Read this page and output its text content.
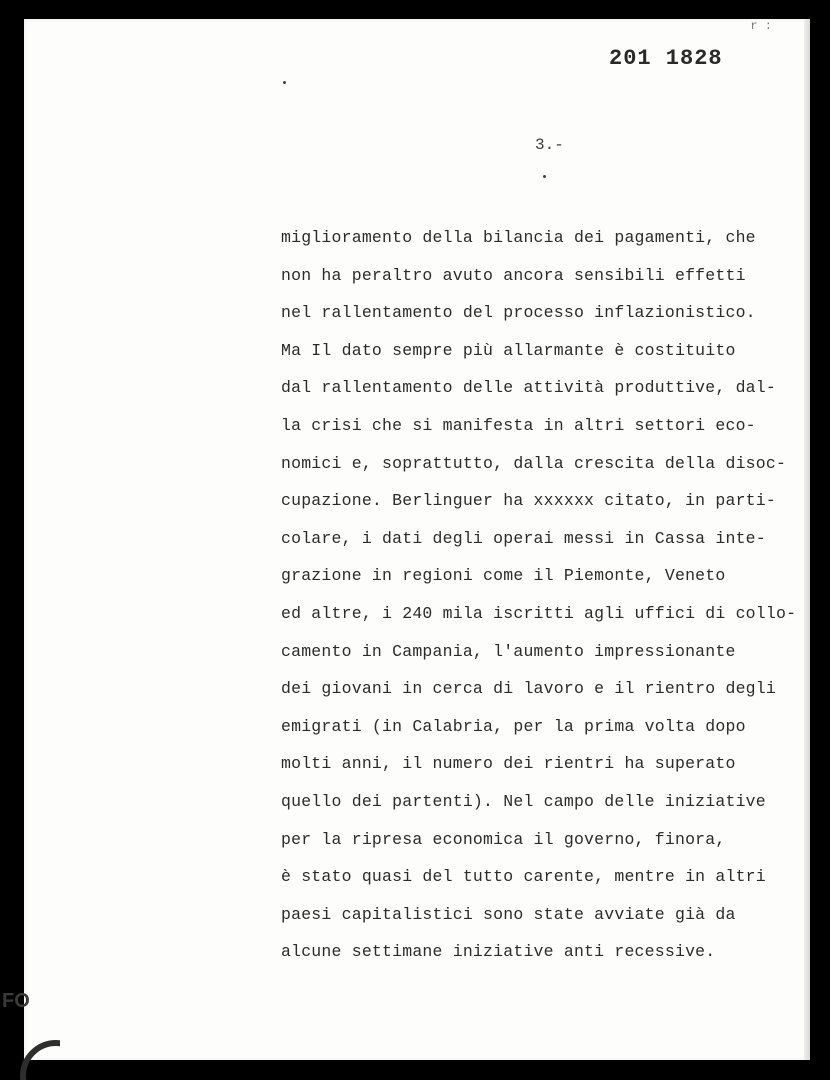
r :
201 1828
3.-
miglioramento della bilancia dei pagamenti, che
non ha peraltro avuto ancora sensibili effetti
nel rallentamento del processo inflazionistico.
Ma Il dato sempre più allarmante è costituito
dal rallentamento delle attività produttive, dal-
la crisi che si manifesta in altri settori eco-
nomici e, soprattutto, dalla crescita della disoc-
cupazione. Berlinguer ha xxxxxx citato, in parti-
colare, i dati degli operai messi in Cassa inte-
grazione in regioni come il Piemonte, Veneto
ed altre, i 240 mila iscritti agli uffici di collo-
camento in Campania, l'aumento impressionante
dei giovani in cerca di lavoro e il rientro degli
emigrati (in Calabria, per la prima volta dopo
molti anni, il numero dei rientri ha superato
quello dei partenti). Nel campo delle iniziative
per la ripresa economica il governo, finora,
è stato quasi del tutto carente, mentre in altri
paesi capitalistici sono state avviate già da
alcune settimane iniziative anti recessive.
FO
